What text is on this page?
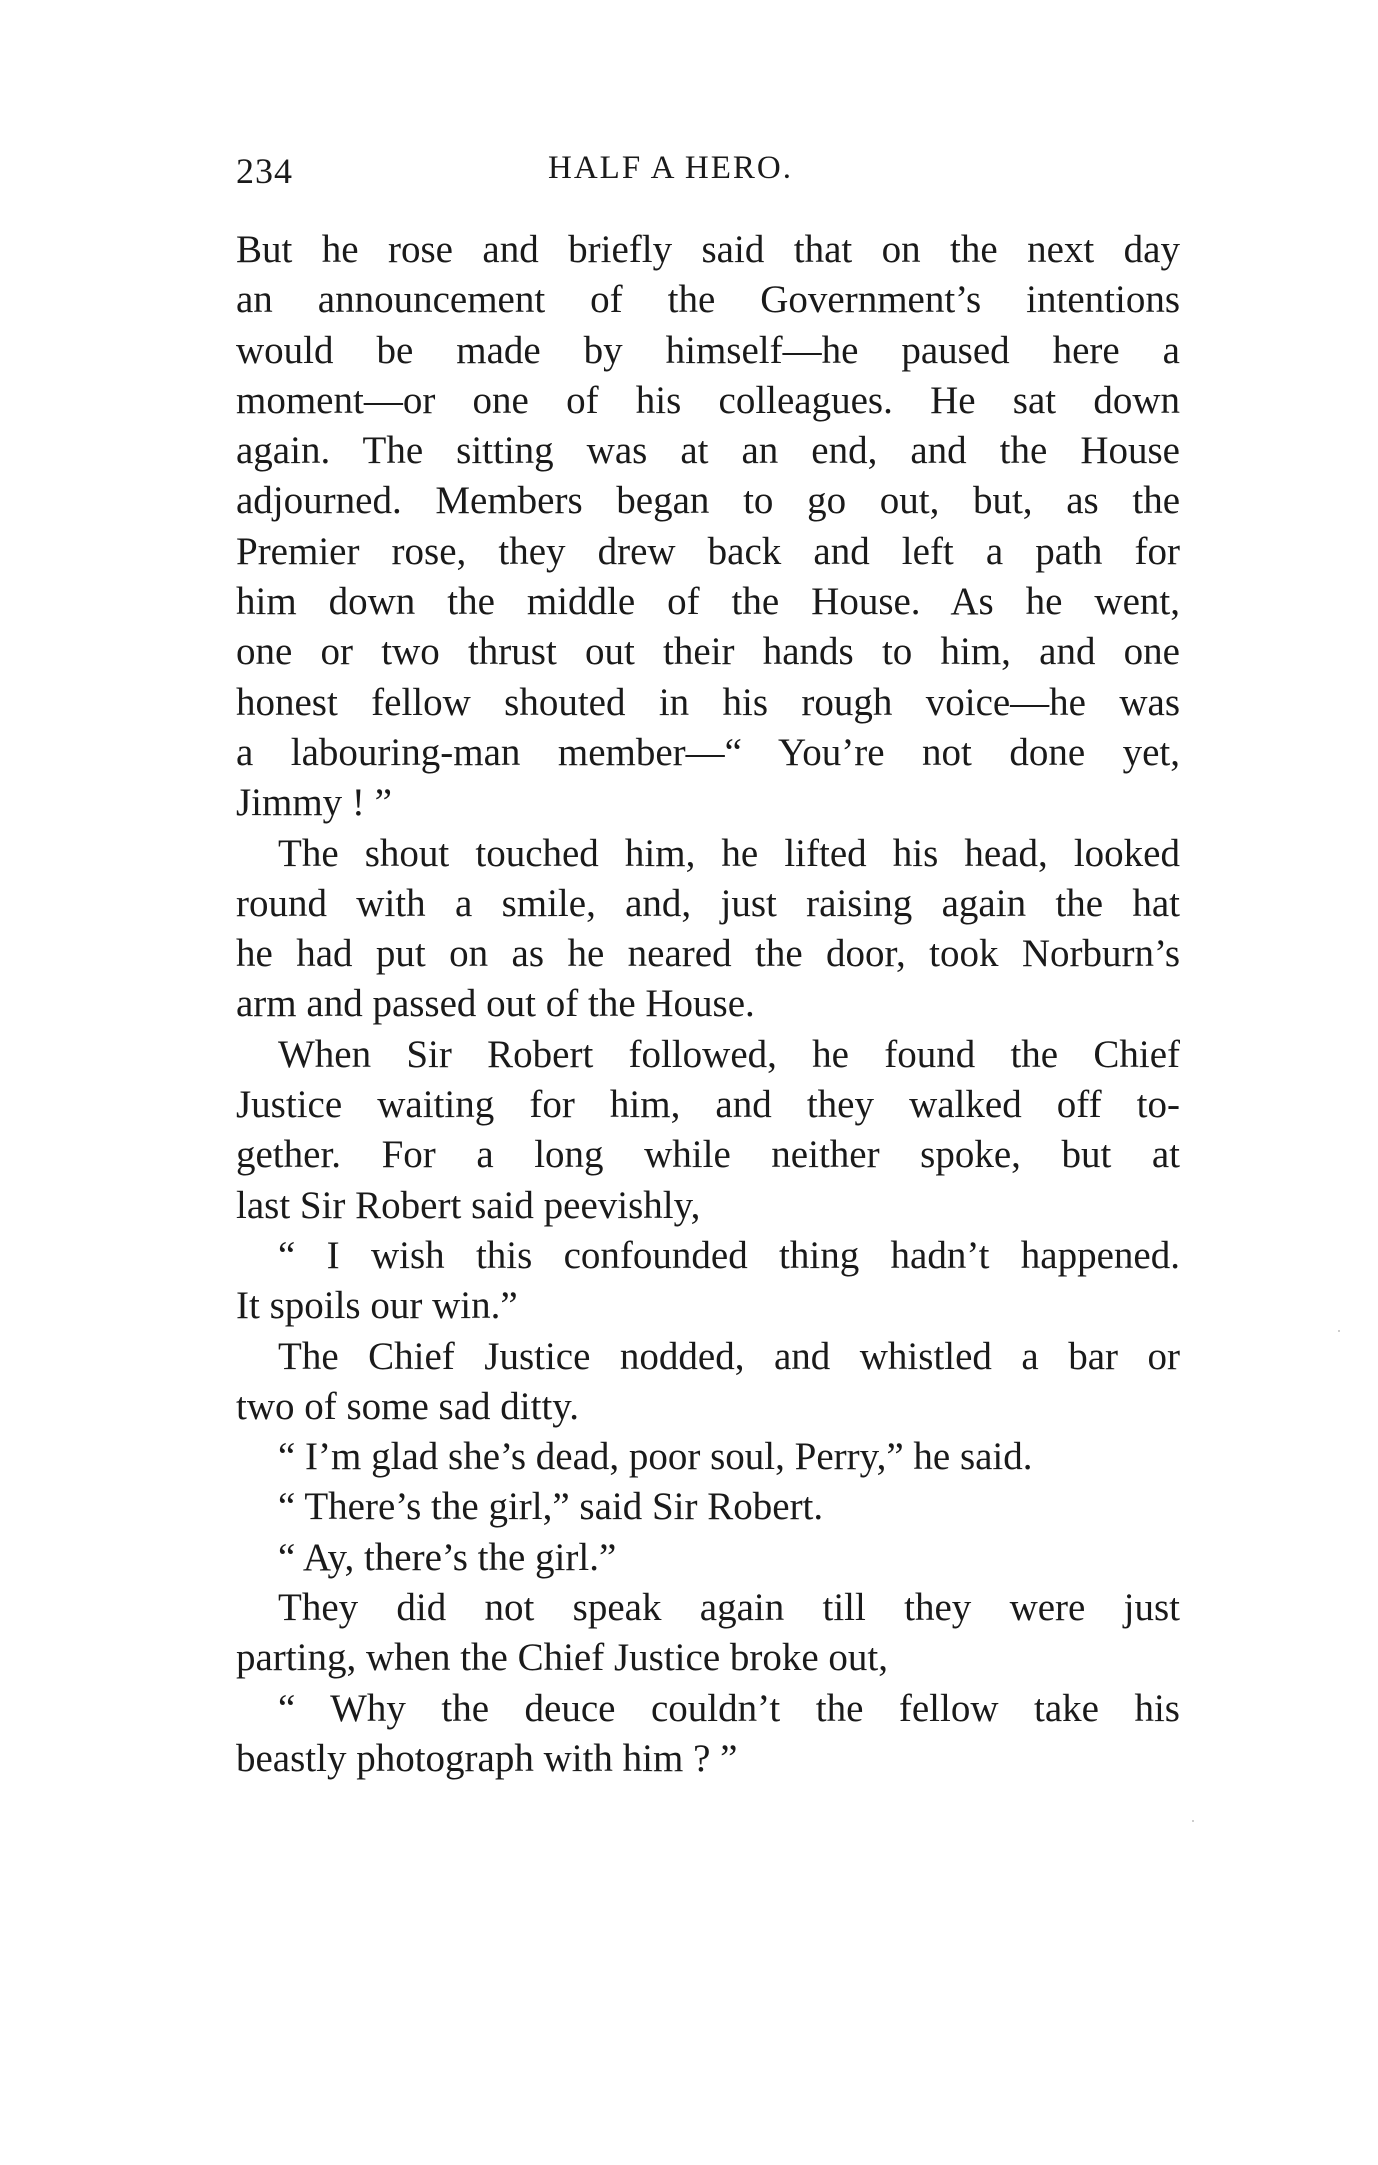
234	HALF A HERO.
But he rose and briefly said that on the next day
an announcement of the Government’s intentions
would be made by himself—he paused here a
moment—or one of his colleagues. He sat down
again. The sitting was at an end, and the House
adjourned. Members began to go out, but, as the
Premier rose, they drew back and left a path for
him down the middle of the House. As he went,
one or two thrust out their hands to him, and one
honest fellow shouted in his rough voice—he was
a labouring-man member—“ You’re not done yet,
Jimmy ! ”
The shout touched him, he lifted his head, looked
round with a smile, and, just raising again the hat
he had put on as he neared the door, took Norburn’s
arm and passed out of the House.
When Sir Robert followed, he found the Chief
Justice waiting for him, and they walked off to-
gether. For a long while neither spoke, but at
last Sir Robert said peevishly,
“ I wish this confounded thing hadn’t happened.
It spoils our win.”
The Chief Justice nodded, and whistled a bar or
two of some sad ditty.
“ I’m glad she’s dead, poor soul, Perry,” he said.
“ There’s the girl,” said Sir Robert.
“ Ay, there’s the girl.”
They did not speak again till they were just
parting, when the Chief Justice broke out,
“ Why the deuce couldn’t the fellow take his
beastly photograph with him ? ”
